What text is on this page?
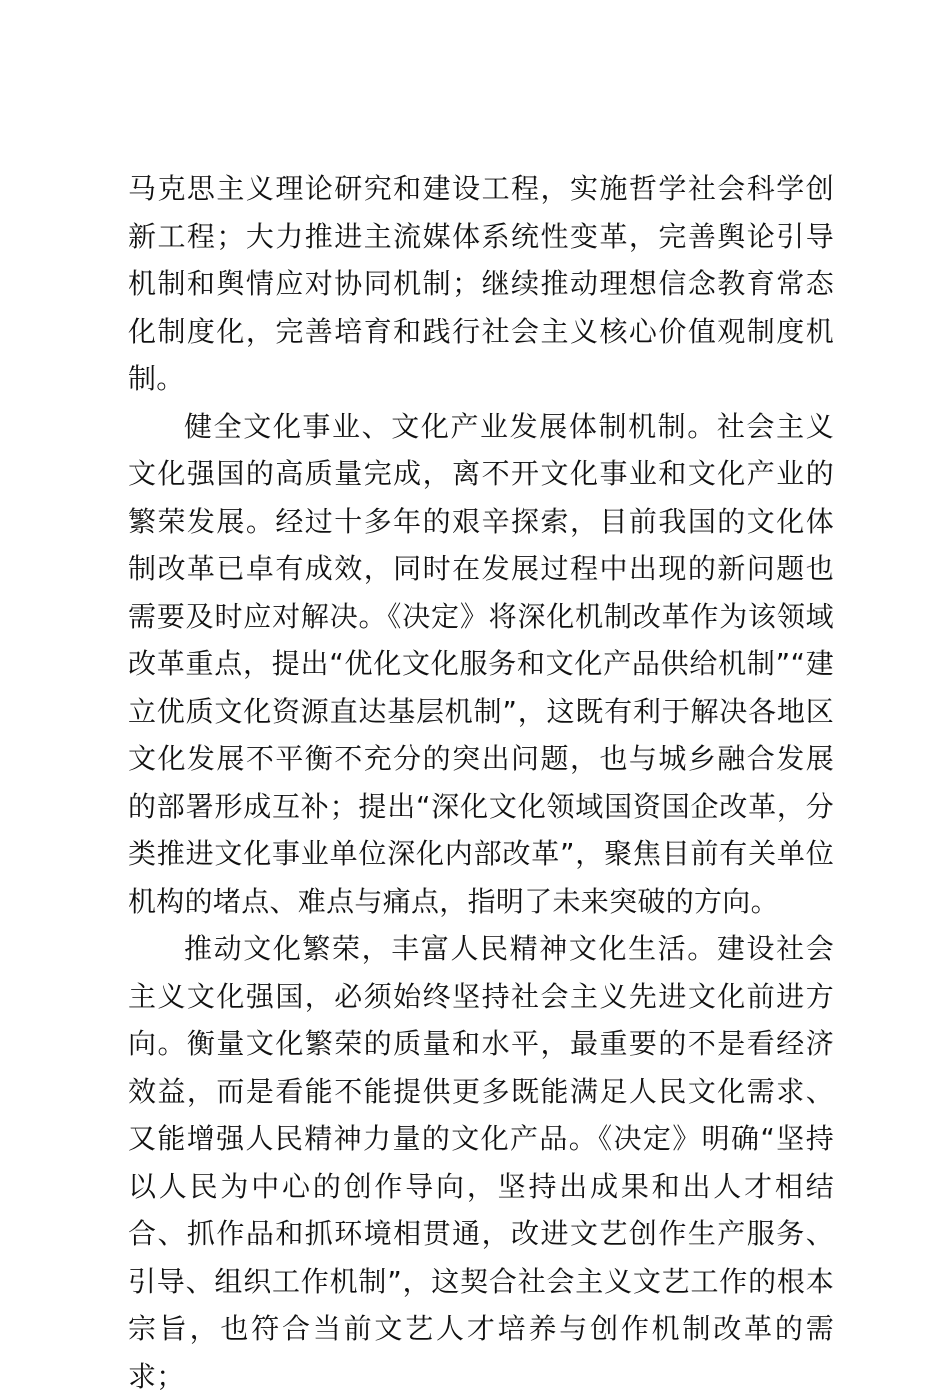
马克思主义理论研究和建设工程，实施哲学社会科学创新工程；大力推进主流媒体系统性变革，完善舆论引导机制和舆情应对协同机制；继续推动理想信念教育常态化制度化，完善培育和践行社会主义核心价值观制度机制。

健全文化事业、文化产业发展体制机制。社会主义文化强国的高质量完成，离不开文化事业和文化产业的繁荣发展。经过十多年的艰辛探索，目前我国的文化体制改革已卓有成效，同时在发展过程中出现的新问题也需要及时应对解决。《决定》将深化机制改革作为该领域改革重点，提出“优化文化服务和文化产品供给机制”“建立优质文化资源直达基层机制”，这既有利于解决各地区文化发展不平衡不充分的突出问题，也与城乡融合发展的部署形成互补；提出“深化文化领域国资国企改革，分类推进文化事业单位深化内部改革”，聚焦目前有关单位机构的堵点、难点与痛点，指明了未来突破的方向。

推动文化繁荣，丰富人民精神文化生活。建设社会主义文化强国，必须始终坚持社会主义先进文化前进方向。衡量文化繁荣的质量和水平，最重要的不是看经济效益，而是看能不能提供更多既能满足人民文化需求、又能增强人民精神力量的文化产品。《决定》明确“坚持以人民为中心的创作导向，坚持出成果和出人才相结合、抓作品和抓环境相贯通，改进文艺创作生产服务、引导、组织工作机制”，这契合社会主义文艺工作的根本宗旨，也符合当前文艺人才培养与创作机制改革的需求；
